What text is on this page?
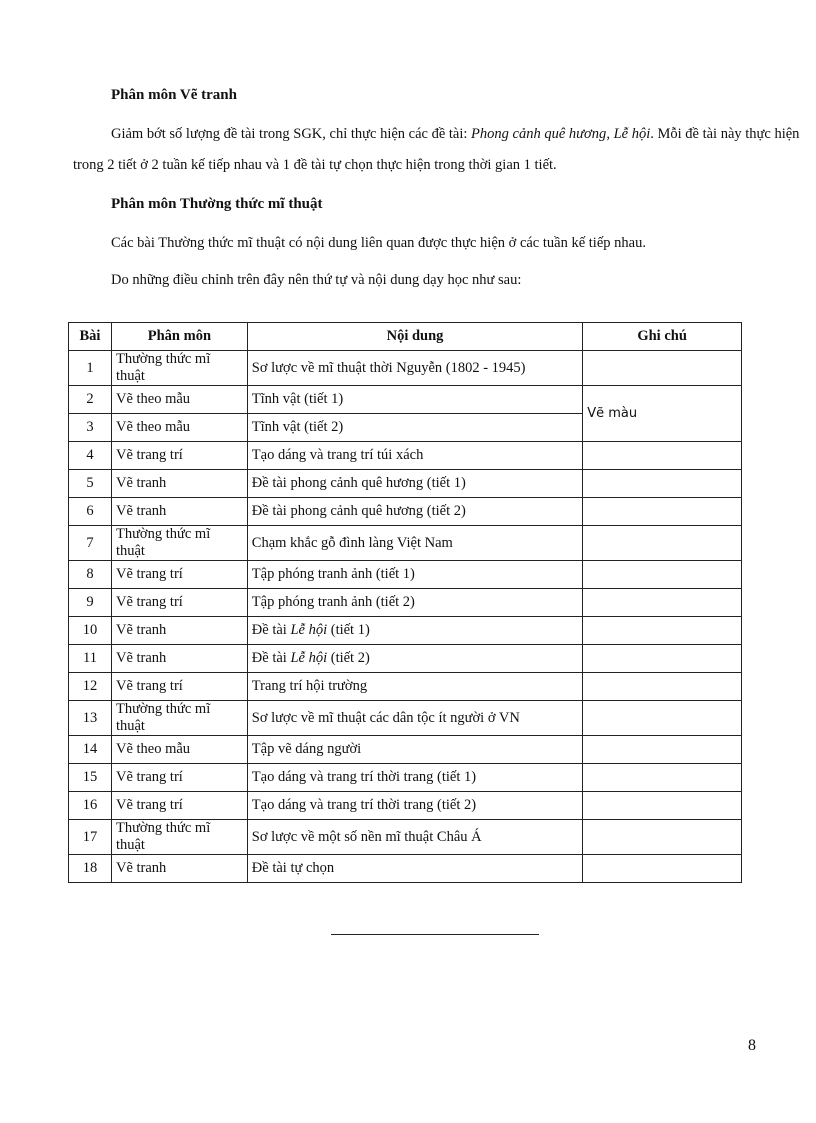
Phân môn Vẽ tranh
Giảm bớt số lượng đề tài trong SGK, chỉ thực hiện các đề tài: Phong cảnh quê hương, Lễ hội. Mỗi đề tài này thực hiện
trong 2 tiết ở 2 tuần kế tiếp nhau và 1 đề tài tự chọn thực hiện trong thời gian 1 tiết.
Phân môn Thường thức mĩ thuật
Các bài Thường thức mĩ thuật có nội dung liên quan được thực hiện ở các tuần kế tiếp nhau.
Do những điều chỉnh trên đây nên thứ tự và nội dung dạy học như sau:
Bài	Phân môn	Nội dung	Ghi chú
1	Thường thức mĩ thuật	Sơ lược về mĩ thuật thời Nguyễn (1802 - 1945)	
2	Vẽ theo mẫu	Tĩnh vật (tiết 1)	Vẽ màu
3	Vẽ theo mẫu	Tĩnh vật (tiết 2)	
4	Vẽ trang trí	Tạo dáng và trang trí túi xách	
5	Vẽ tranh	Đề tài phong cảnh quê hương (tiết 1)	
6	Vẽ tranh	Đề tài phong cảnh quê hương (tiết 2)	
7	Thường thức mĩ thuật	Chạm khắc gỗ đình làng Việt Nam	
8	Vẽ trang trí	Tập phóng tranh ảnh (tiết 1)	
9	Vẽ trang trí	Tập phóng tranh ảnh (tiết 2)	
10	Vẽ tranh	Đề tài Lễ hội (tiết 1)	
11	Vẽ tranh	Đề tài Lễ hội (tiết 2)	
12	Vẽ trang trí	Trang trí hội trường	
13	Thường thức mĩ thuật	Sơ lược về mĩ thuật các dân tộc ít người ở VN	
14	Vẽ theo mẫu	Tập vẽ dáng người	
15	Vẽ trang trí	Tạo dáng và trang trí thời trang (tiết 1)	
16	Vẽ trang trí	Tạo dáng và trang trí thời trang (tiết 2)	
17	Thường thức mĩ thuật	Sơ lược về một số nền mĩ thuật Châu Á	
18	Vẽ tranh	Đề tài tự chọn	
8
